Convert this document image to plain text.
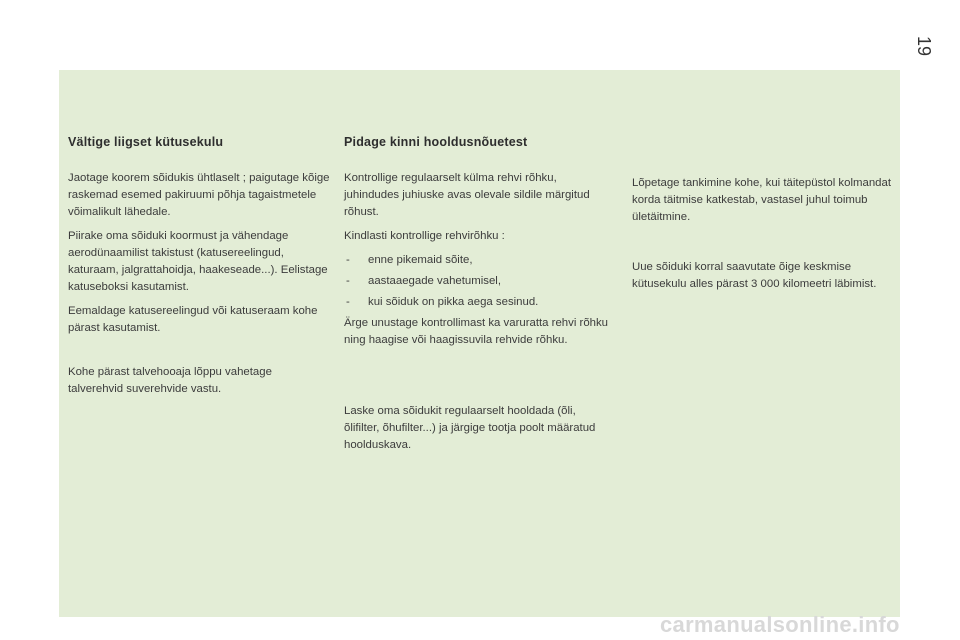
19
Vältige liigset kütusekulu

Jaotage koorem sõidukis ühtlaselt ; paigutage kõige raskemad esemed pakiruumi põhja tagaistmetele võimalikult lähedale.

Piirake oma sõiduki koormust ja vähendage aerodünaamilist takistust (katusereelingud, katuraam, jalgrattahoidja, haakeseade...). Eelistage katuseboksi kasutamist.

Eemaldage katusereelingud või katuseraam kohe pärast kasutamist.

Kohe pärast talvehooaja lõppu vahetage talverehvid suverehvide vastu.

Pidage kinni hooldusnõuetest

Kontrollige regulaarselt külma rehvi rõhku, juhindudes juhiuske avas olevale sildile märgitud rõhust.

Kindlasti kontrollige rehvirõhku :

- enne pikemaid sõite,
- aastaaegade vahetumisel,
- kui sõiduk on pikka aega sesinud.

Ärge unustage kontrollimast ka varuratta rehvi rõhku ning haagise või haagissuvila rehvide rõhku.

Laske oma sõidukit regulaarselt hooldada (õli, õlifilter, õhufilter...) ja järgige tootja poolt määratud hoolduskava.

Lõpetage tankimine kohe, kui täitepüstol kolmandat korda täitmise katkestab, vastasel juhul toimub ületäitmine.

Uue sõiduki korral saavutate õige keskmise kütusekulu alles pärast 3 000 kilomeetri läbimist.

carmanualsonline.info
